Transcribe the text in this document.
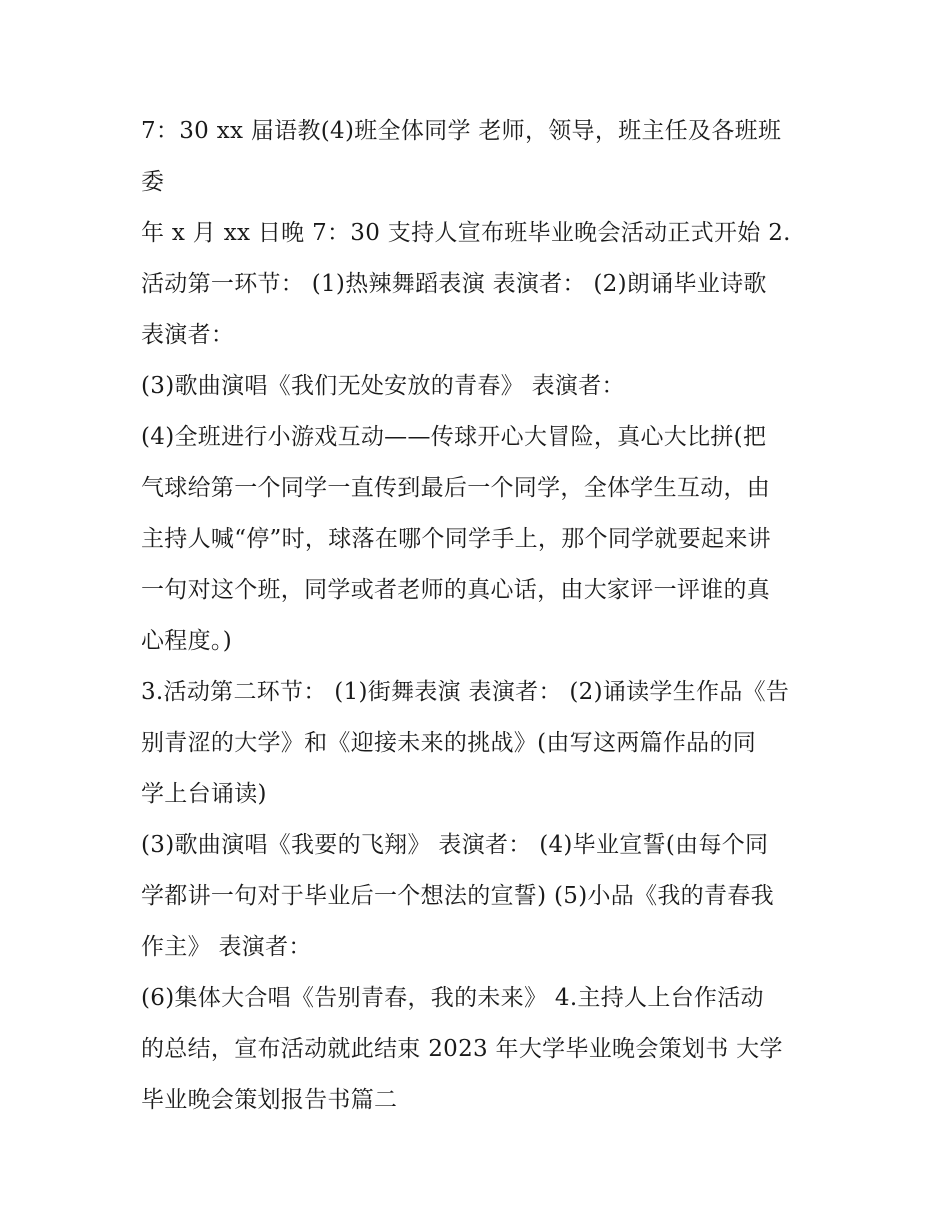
7：30 xx 届语教(4)班全体同学 老师，领导，班主任及各班班
委
年 x 月 xx 日晚 7：30 支持人宣布班毕业晚会活动正式开始 2.
活动第一环节： (1)热辣舞蹈表演 表演者： (2)朗诵毕业诗歌
表演者：
(3)歌曲演唱《我们无处安放的青春》 表演者：
(4)全班进行小游戏互动——传球开心大冒险，真心大比拼(把
气球给第一个同学一直传到最后一个同学，全体学生互动，由
主持人喊“停”时，球落在哪个同学手上，那个同学就要起来讲
一句对这个班，同学或者老师的真心话，由大家评一评谁的真
心程度。)
3.活动第二环节： (1)街舞表演 表演者： (2)诵读学生作品《告
别青涩的大学》和《迎接未来的挑战》(由写这两篇作品的同
学上台诵读)
(3)歌曲演唱《我要的飞翔》 表演者： (4)毕业宣誓(由每个同
学都讲一句对于毕业后一个想法的宣誓) (5)小品《我的青春我
作主》 表演者：
(6)集体大合唱《告别青春，我的未来》 4.主持人上台作活动
的总结，宣布活动就此结束 2023 年大学毕业晚会策划书 大学
毕业晚会策划报告书篇二
